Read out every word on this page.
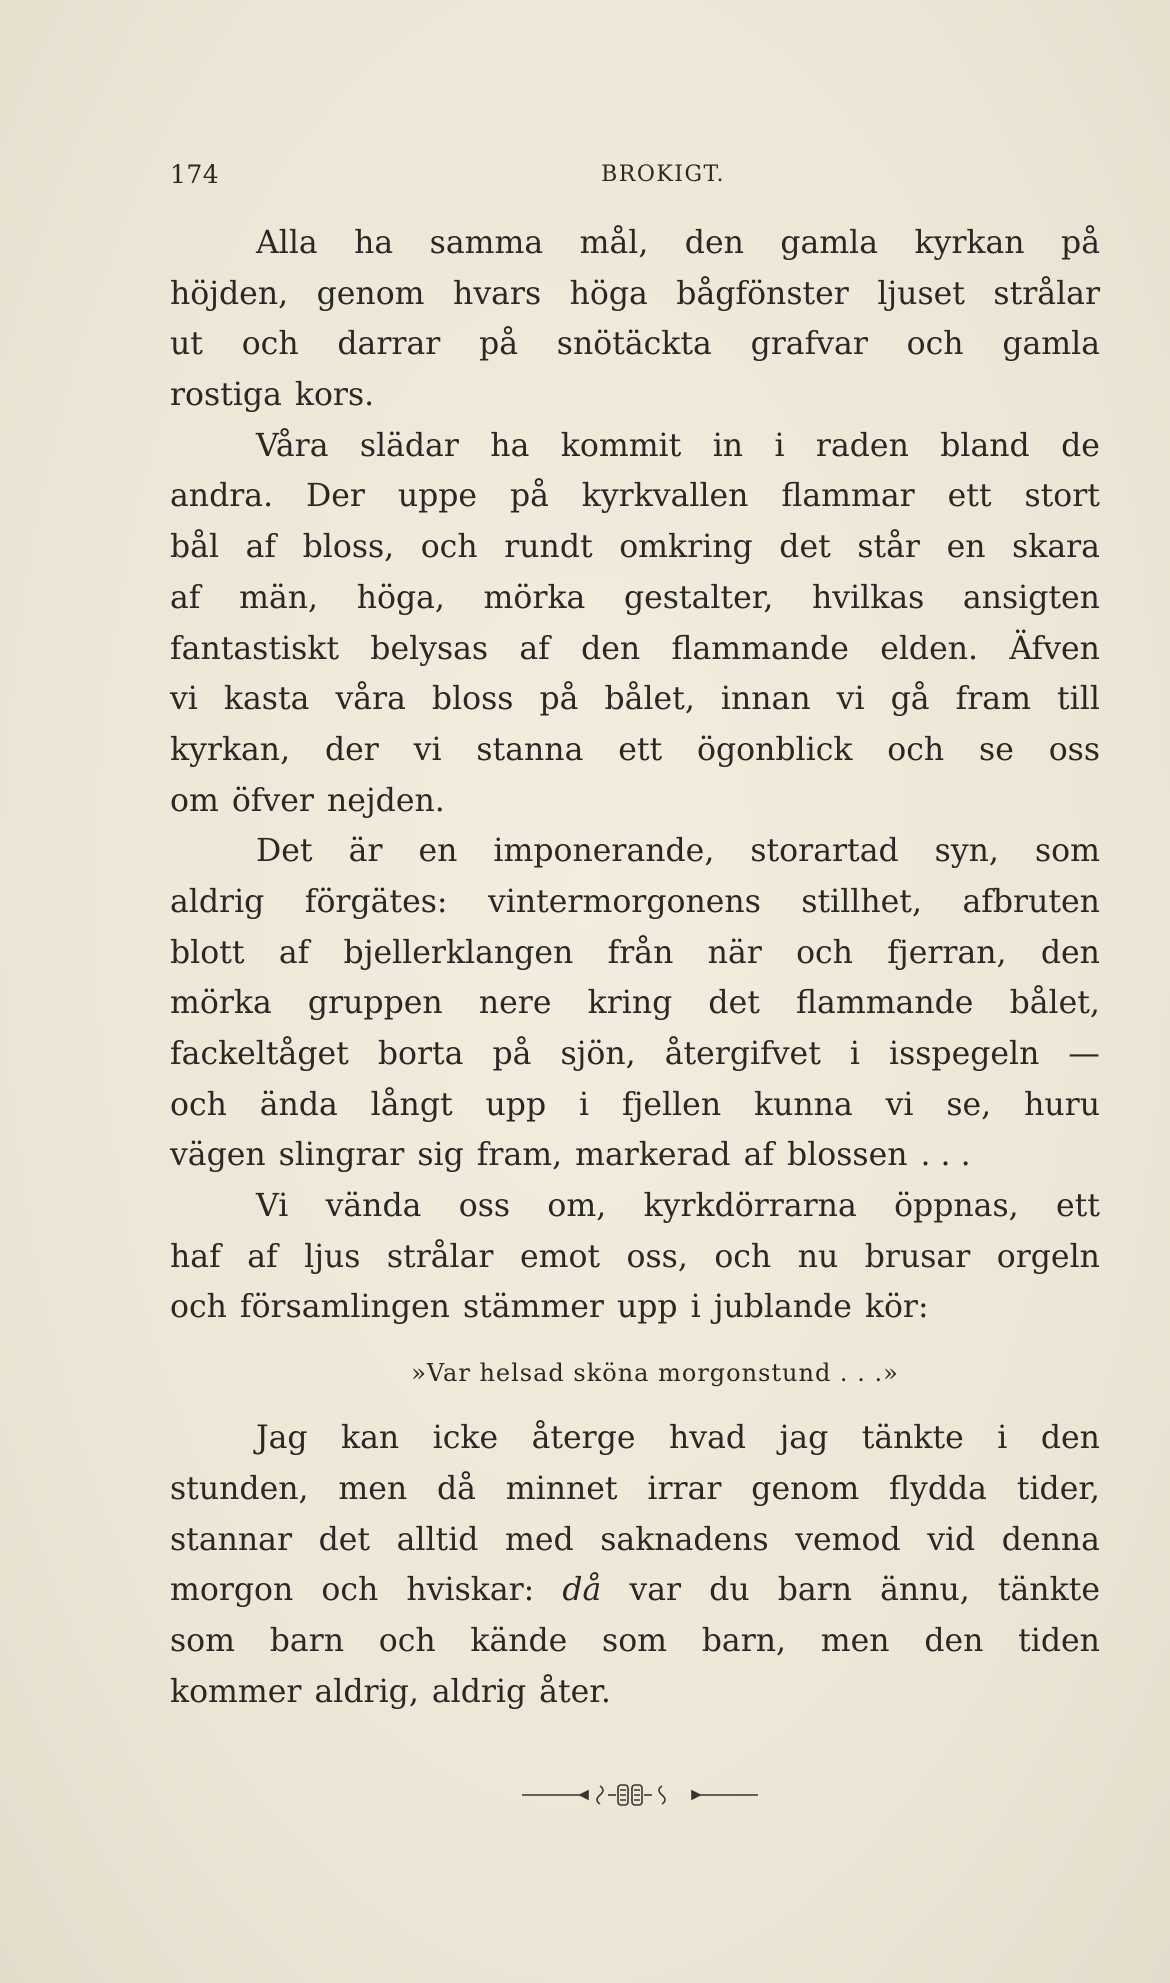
174	BROKIGT.
Alla ha samma mål, den gamla kyrkan på
höjden, genom hvars höga bågfönster ljuset strålar
ut och darrar på snötäckta grafvar och gamla
rostiga kors.
Våra slädar ha kommit in i raden bland de
andra. Der uppe på kyrkvallen flammar ett stort
bål af bloss, och rundt omkring det står en skara
af män, höga, mörka gestalter, hvilkas ansigten
fantastiskt belysas af den flammande elden. Äfven
vi kasta våra bloss på bålet, innan vi gå fram till
kyrkan, der vi stanna ett ögonblick och se oss
om öfver nejden.
Det är en imponerande, storartad syn, som
aldrig förgätes: vintermorgonens stillhet, afbruten
blott af bjellerklangen från när och fjerran, den
mörka gruppen nere kring det flammande bålet,
fackeltåget borta på sjön, återgifvet i isspegeln —
och ända långt upp i fjellen kunna vi se, huru
vägen slingrar sig fram, markerad af blossen . . .
Vi vända oss om, kyrkdörrarna öppnas, ett
haf af ljus strålar emot oss, och nu brusar orgeln
och församlingen stämmer upp i jublande kör:
»Var helsad sköna morgonstund . . .»
Jag kan icke återge hvad jag tänkte i den
stunden, men då minnet irrar genom flydda tider,
stannar det alltid med saknadens vemod vid denna
morgon och hviskar: då var du barn ännu, tänkte
som barn och kände som barn, men den tiden
kommer aldrig, aldrig åter.
